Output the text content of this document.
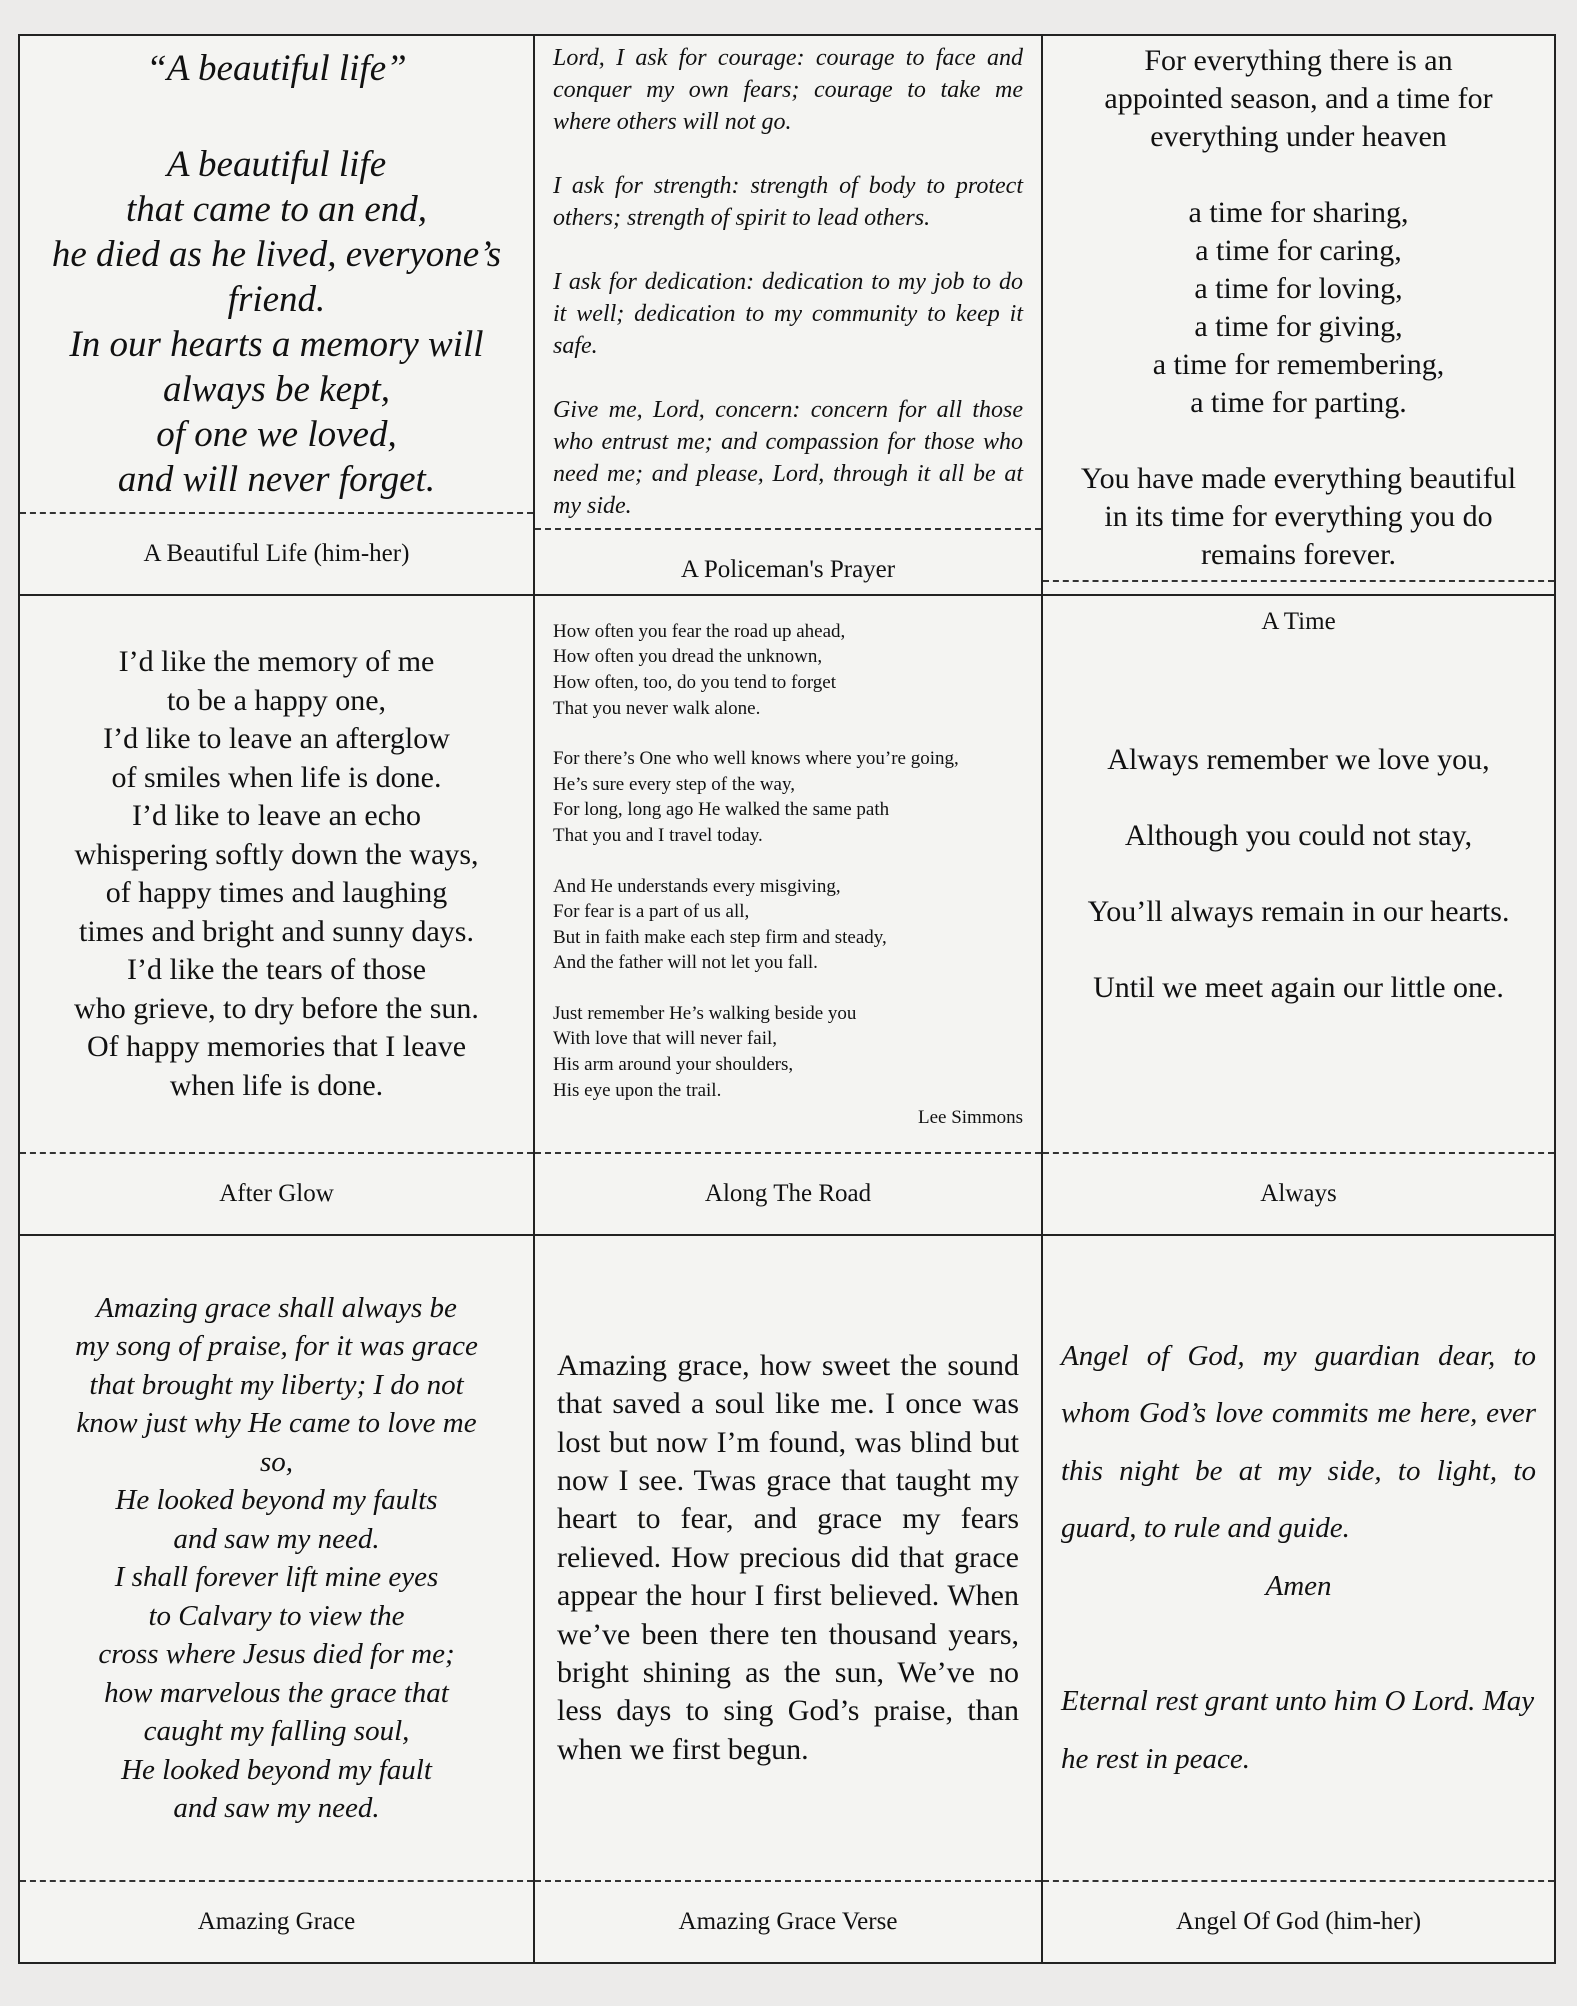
“A beautiful life”

A beautiful life

that came to an end,

he died as he lived, everyone’s

friend.

In our hearts a memory will

always be kept,

of one we loved,

and will never forget.

A Beautiful Life (him-her)

Lord, I ask for courage: courage to face and conquer my own fears; courage to take me where others will not go.

I ask for strength: strength of body to protect others; strength of spirit to lead others.

I ask for dedication: dedication to my job to do it well; dedication to my community to keep it safe.

Give me, Lord, concern: concern for all those who entrust me; and compassion for those who need me; and please, Lord, through it all be at my side.

A Policeman's Prayer

For everything there is an

appointed season, and a time for

everything under heaven

a time for sharing,

a time for caring,

a time for loving,

a time for giving,

a time for remembering,

a time for parting.

You have made everything beautiful

in its time for everything you do

remains forever.

A Time

I’d like the memory of me

to be a happy one,

I’d like to leave an afterglow

of smiles when life is done.

I’d like to leave an echo

whispering softly down the ways,

of happy times and laughing

times and bright and sunny days.

I’d like the tears of those

who grieve, to dry before the sun.

Of happy memories that I leave

when life is done.

After Glow

How often you fear the road up ahead,

How often you dread the unknown,

How often, too, do you tend to forget

That you never walk alone.

For there’s One who well knows where you’re going,

He’s sure every step of the way,

For long, long ago He walked the same path

That you and I travel today.

And He understands every misgiving,

For fear is a part of us all,

But in faith make each step firm and steady,

And the father will not let you fall.

Just remember He’s walking beside you

With love that will never fail,

His arm around your shoulders,

His eye upon the trail.

Lee Simmons

Along The Road

Always remember we love you,

Although you could not stay,

You’ll always remain in our hearts.

Until we meet again our little one.

Always

Amazing grace shall always be

my song of praise, for it was grace

that brought my liberty; I do not

know just why He came to love me

so,

He looked beyond my faults

and saw my need.

I shall forever lift mine eyes

to Calvary to view the

cross where Jesus died for me;

how marvelous the grace that

caught my falling soul,

He looked beyond my fault

and saw my need.

Amazing Grace

Amazing grace, how sweet the sound that saved a soul like me. I once was lost but now I’m found, was blind but now I see. Twas grace that taught my heart to fear, and grace my fears relieved. How precious did that grace appear the hour I first believed. When we’ve been there ten thousand years, bright shining as the sun, We’ve no less days to sing God’s praise, than when we first begun.

Amazing Grace Verse

Angel of God, my guardian dear, to whom God’s love commits me here, ever this night be at my side, to light, to guard, to rule and guide.

Amen

Eternal rest grant unto him O Lord. May he rest in peace.

Angel Of God (him-her)
